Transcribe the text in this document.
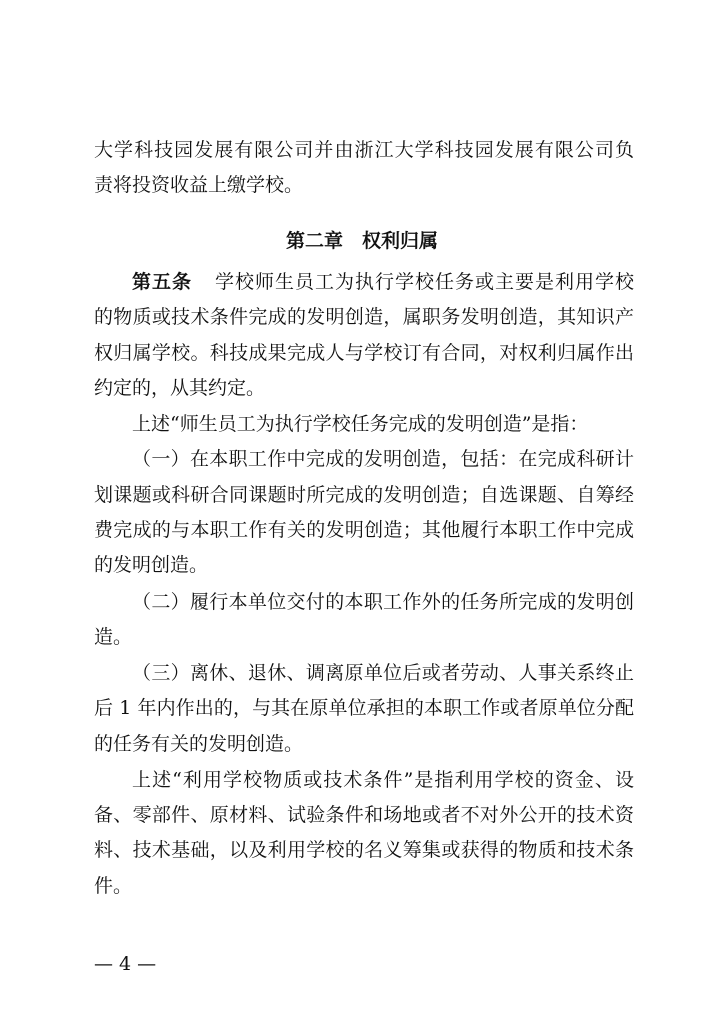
大学科技园发展有限公司并由浙江大学科技园发展有限公司负
责将投资收益上缴学校。
第二章　权利归属
第五条 学校师生员工为执行学校任务或主要是利用学校
的物质或技术条件完成的发明创造，属职务发明创造，其知识产
权归属学校。科技成果完成人与学校订有合同，对权利归属作出
约定的，从其约定。
上述“师生员工为执行学校任务完成的发明创造”是指：
（一）在本职工作中完成的发明创造，包括：在完成科研计
划课题或科研合同课题时所完成的发明创造；自选课题、自筹经
费完成的与本职工作有关的发明创造；其他履行本职工作中完成
的发明创造。
（二）履行本单位交付的本职工作外的任务所完成的发明创
造。
（三）离休、退休、调离原单位后或者劳动、人事关系终止
后 1 年内作出的，与其在原单位承担的本职工作或者原单位分配
的任务有关的发明创造。
上述“利用学校物质或技术条件”是指利用学校的资金、设
备、零部件、原材料、试验条件和场地或者不对外公开的技术资
料、技术基础，以及利用学校的名义筹集或获得的物质和技术条
件。
— 4 —
